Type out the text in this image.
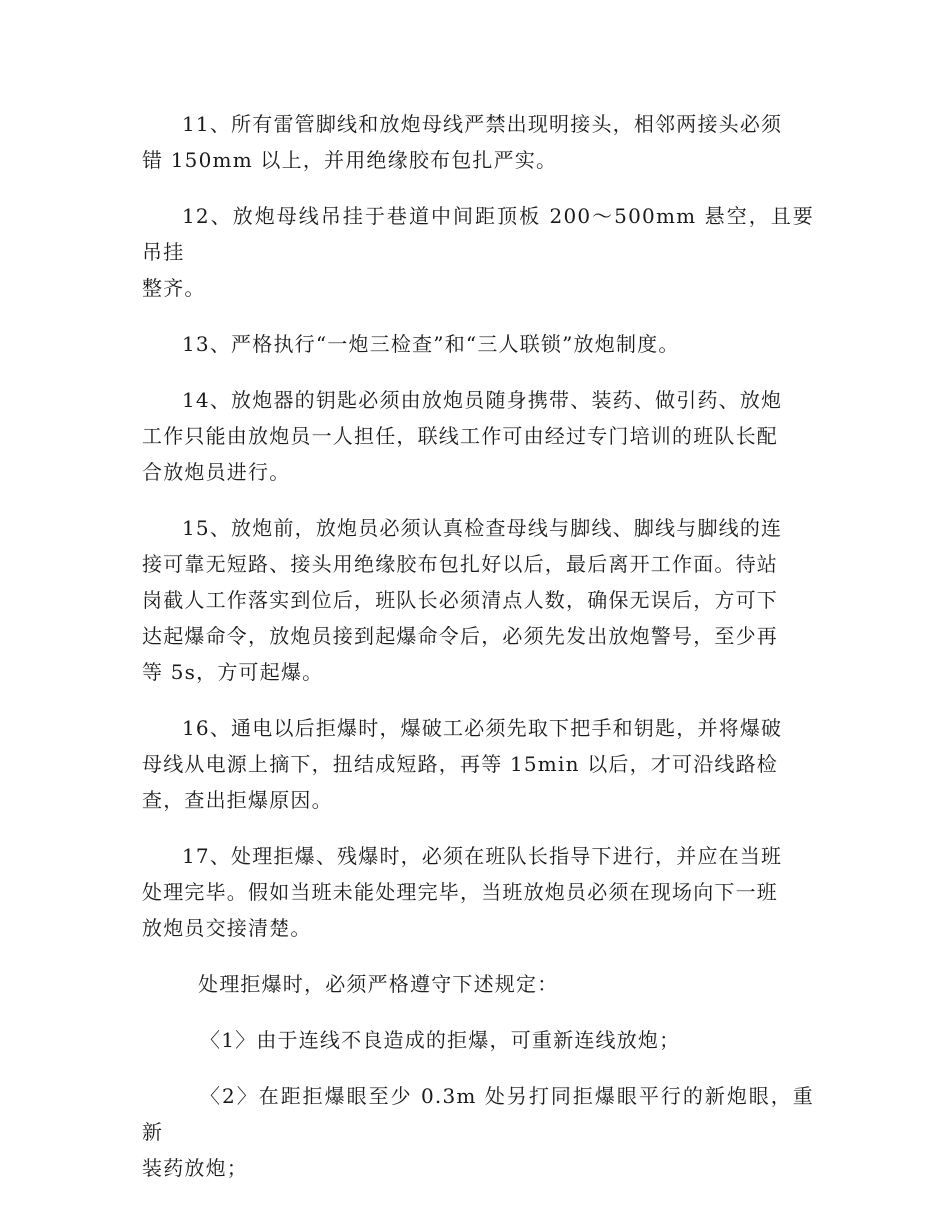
11、所有雷管脚线和放炮母线严禁出现明接头，相邻两接头必须
错 150mm 以上，并用绝缘胶布包扎严实。

12、放炮母线吊挂于巷道中间距顶板 200～500mm 悬空，且要吊挂
整齐。

13、严格执行“一炮三检查”和“三人联锁”放炮制度。

14、放炮器的钥匙必须由放炮员随身携带、装药、做引药、放炮
工作只能由放炮员一人担任，联线工作可由经过专门培训的班队长配
合放炮员进行。

15、放炮前，放炮员必须认真检查母线与脚线、脚线与脚线的连
接可靠无短路、接头用绝缘胶布包扎好以后，最后离开工作面。待站
岗截人工作落实到位后，班队长必须清点人数，确保无误后，方可下
达起爆命令，放炮员接到起爆命令后，必须先发出放炮警号，至少再
等 5s，方可起爆。

16、通电以后拒爆时，爆破工必须先取下把手和钥匙，并将爆破
母线从电源上摘下，扭结成短路，再等 15min 以后，才可沿线路检
查，查出拒爆原因。

17、处理拒爆、残爆时，必须在班队长指导下进行，并应在当班
处理完毕。假如当班未能处理完毕，当班放炮员必须在现场向下一班
放炮员交接清楚。

处理拒爆时，必须严格遵守下述规定：

〈1〉由于连线不良造成的拒爆，可重新连线放炮；

〈2〉在距拒爆眼至少 0.3m 处另打同拒爆眼平行的新炮眼，重新
装药放炮；
